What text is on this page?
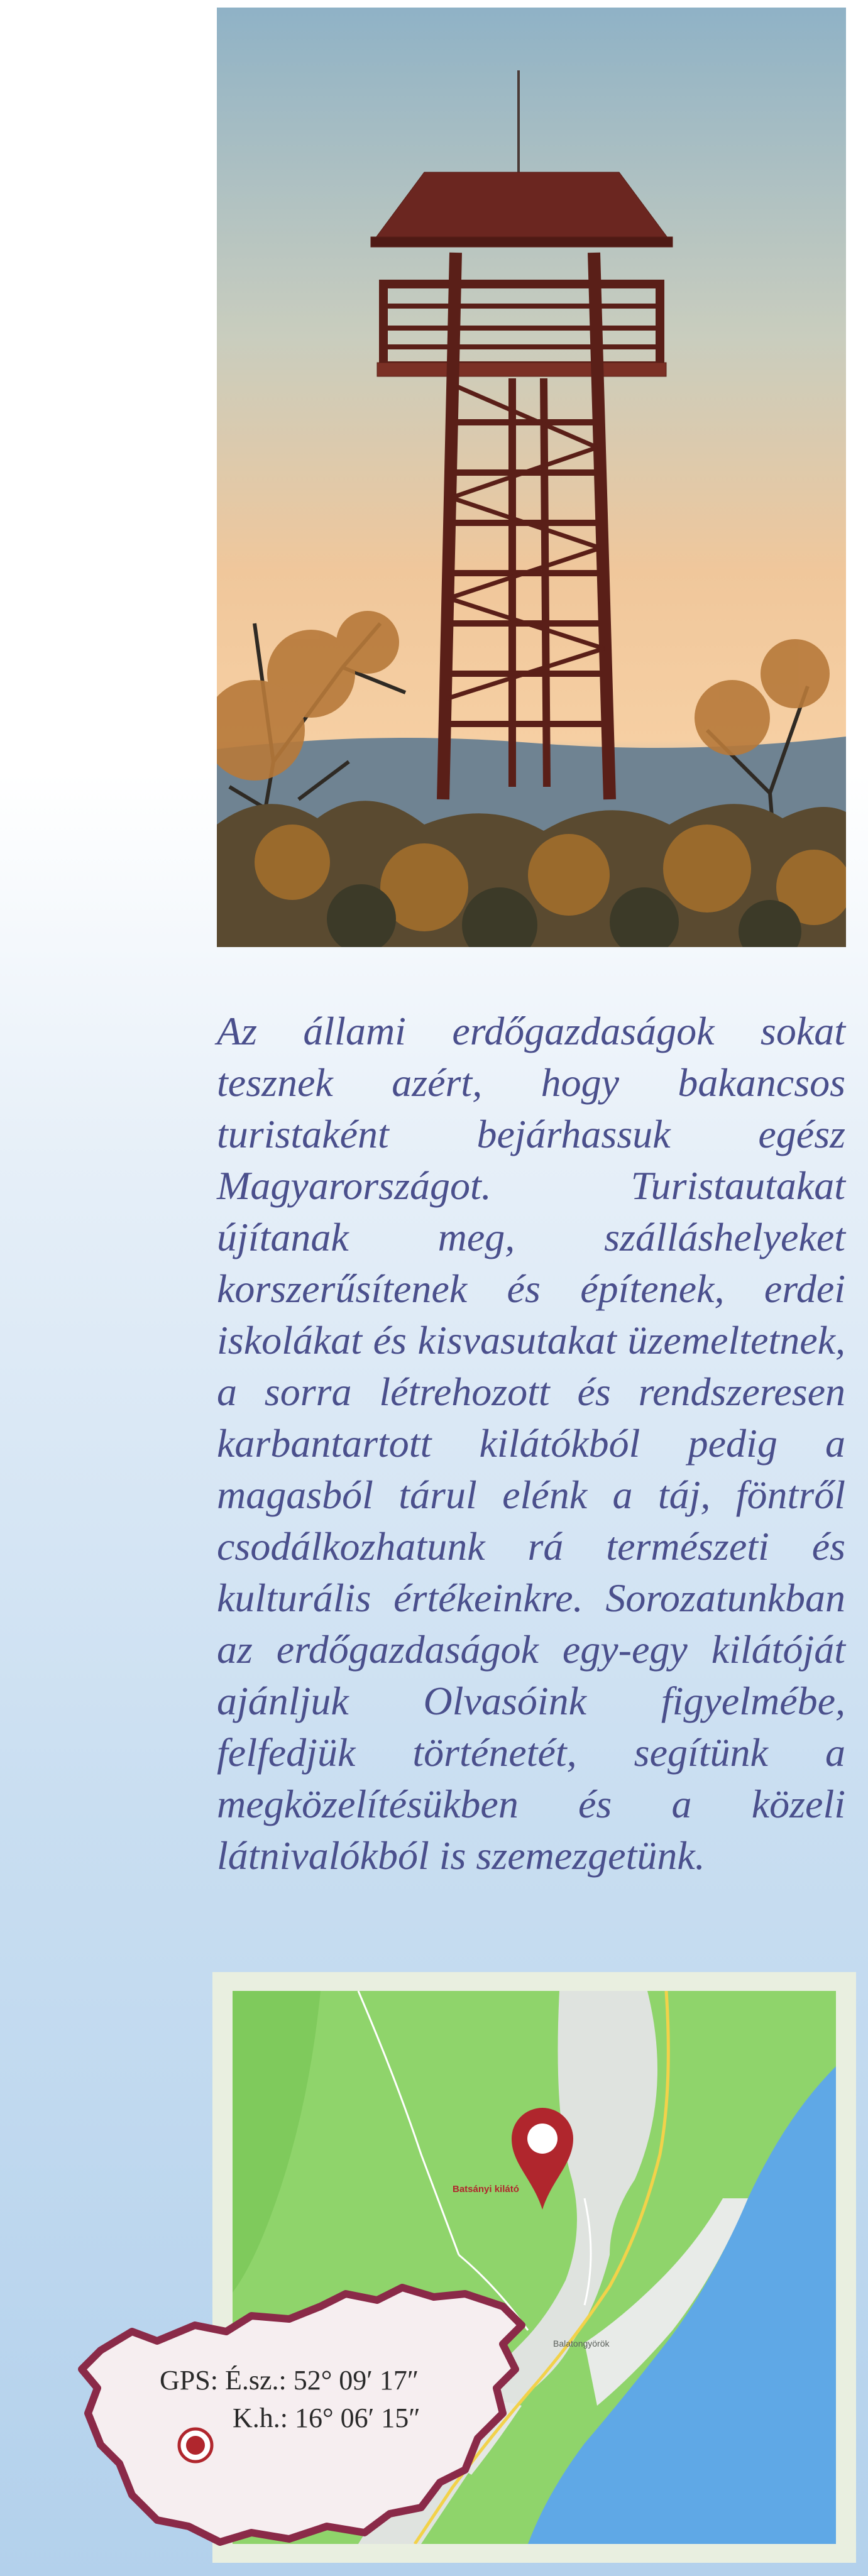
Az állami erdőgazdaságok sokat tesznek azért, hogy bakancsos turistaként bejárhassuk egész Magyarországot. Turistautakat újítanak meg, szálláshelyeket korszerűsítenek és építenek, erdei iskolákat és kisvasutakat üzemeltetnek, a sorra létrehozott és rendszeresen karbantartott kilátókból pedig a magasból tárul elénk a táj, föntről csodálkozhatunk rá természeti és kulturális értékeinkre. Sorozatunkban az erdőgazdaságok egy-egy kilátóját ajánljuk Olvasóink figyelmébe, felfedjük történetét, segítünk a megközelítésükben és a közeli látnivalókból is szemezgetünk.

Batsányi kilátó
Balatongyörök
GPS: É.sz.: 52° 09′ 17″
K.h.: 16° 06′ 15″
